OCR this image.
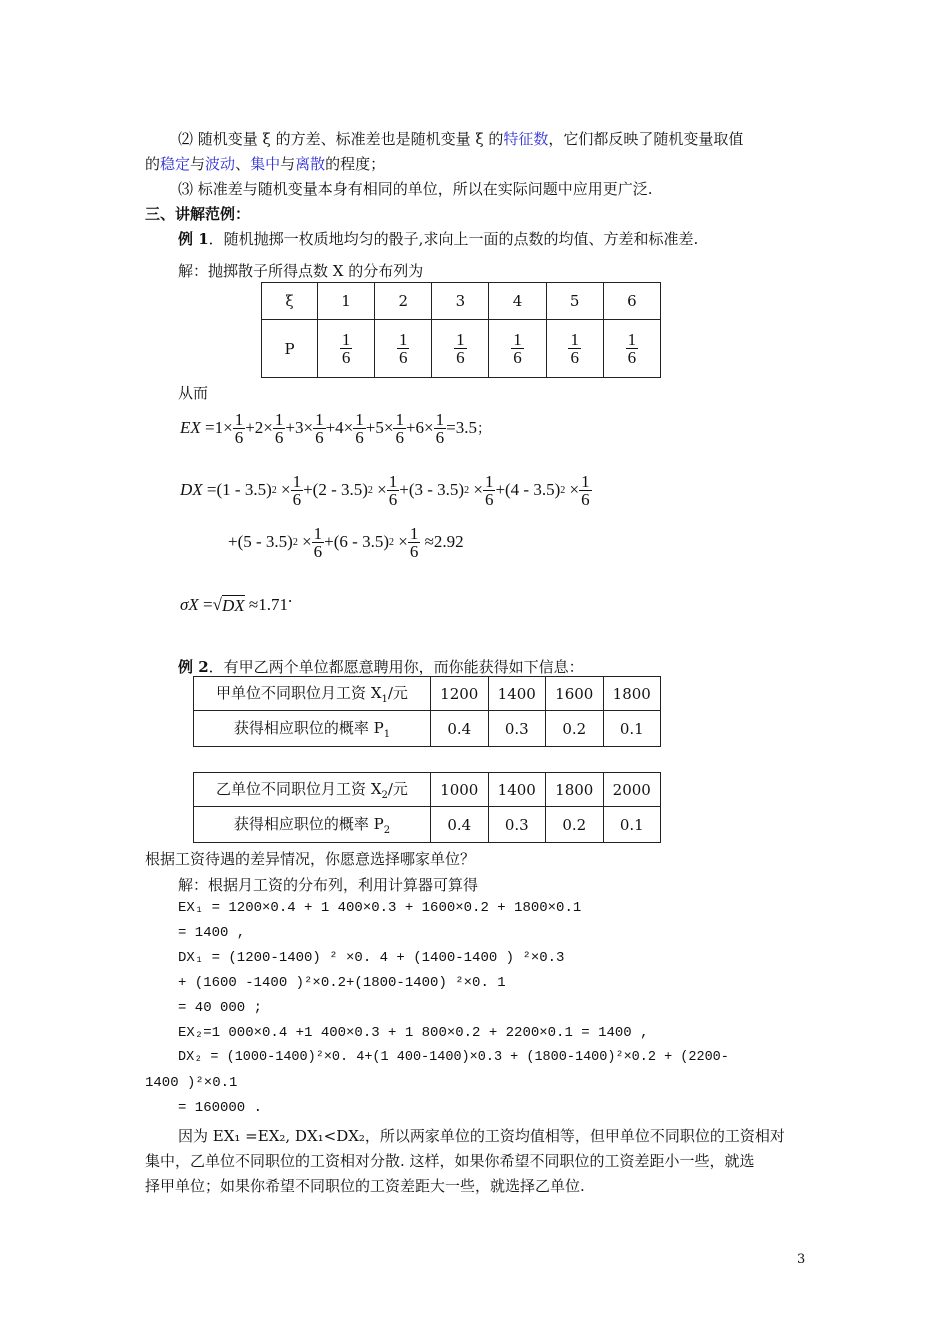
⑵ 随机变量 ξ 的方差、标准差也是随机变量 ξ 的特征数，它们都反映了随机变量取值
的稳定与波动、集中与离散的程度；
⑶ 标准差与随机变量本身有相同的单位，所以在实际问题中应用更广泛.
三、讲解范例：
例 1．随机抛掷一枚质地均匀的骰子,求向上一面的点数的均值、方差和标准差.
解：抛掷散子所得点数 X 的分布列为
ξ	1	2	3	4	5	6
P	$\frac{1}{6}$	$\frac{1}{6}$	$\frac{1}{6}$	$\frac{1}{6}$	$\frac{1}{6}$	$\frac{1}{6}$
从而
EX
$=1\times \frac{1}{6} +2\times \frac{1}{6} +3\times \frac{1}{6} +4\times \frac{1}{6} +5\times \frac{1}{6} +6\times \frac{1}{6} =3.5$ ；
DX
=(1 - 3.5) 2
× $\frac{1}{6} +(2 - 3.5)$ 2
× $\frac{1}{6} +(3 - 3.5)$ 2
× $\frac{1}{6} +(4 - 3.5)$ 2
× $\frac{1}{6}$
+(5 - 3.5) 2
× $\frac{1}{6} +(6 - 3.5)$ 2
× $\frac{1}{6}$
≈2.92
σX
= √ DX
≈1.71 .
例 2．有甲乙两个单位都愿意聘用你，而你能获得如下信息：
甲单位不同职位月工资 $X_1/$元	1200	1400	1600	1800
获得相应职位的概率 $P_1$	0.4	0.3	0.2	0.1
乙单位不同职位月工资 $X_2/$元	1000	1400	1800	2000
获得相应职位的概率 $P_2$	0.4	0.3	0.2	0.1
根据工资待遇的差异情况，你愿意选择哪家单位？
解：根据月工资的分布列，利用计算器可算得
EX₁ = 1200×0.4 + 1 400×0.3 + 1600×0.2 + 1800×0.1
= 1400 ,
DX₁ = (1200-1400) ² ×0. 4 + (1400-1400 ) ²×0.3
+ (1600 -1400 )²×0.2+(1800-1400) ²×0. 1
= 40 000 ;
EX₂=1 000×0.4 +1 400×0.3 + 1 800×0.2 + 2200×0.1 = 1400 ,
DX₂ = (1000-1400)²×0. 4+(1 400-1400)×0.3 + (1800-1400)²×0.2 + (2200-
1400 )²×0.1
= 160000 .
因为 EX₁ =EX₂, DX₁<DX₂，所以两家单位的工资均值相等，但甲单位不同职位的工资相对
集中，乙单位不同职位的工资相对分散. 这样，如果你希望不同职位的工资差距小一些，就选
择甲单位；如果你希望不同职位的工资差距大一些，就选择乙单位.
3
